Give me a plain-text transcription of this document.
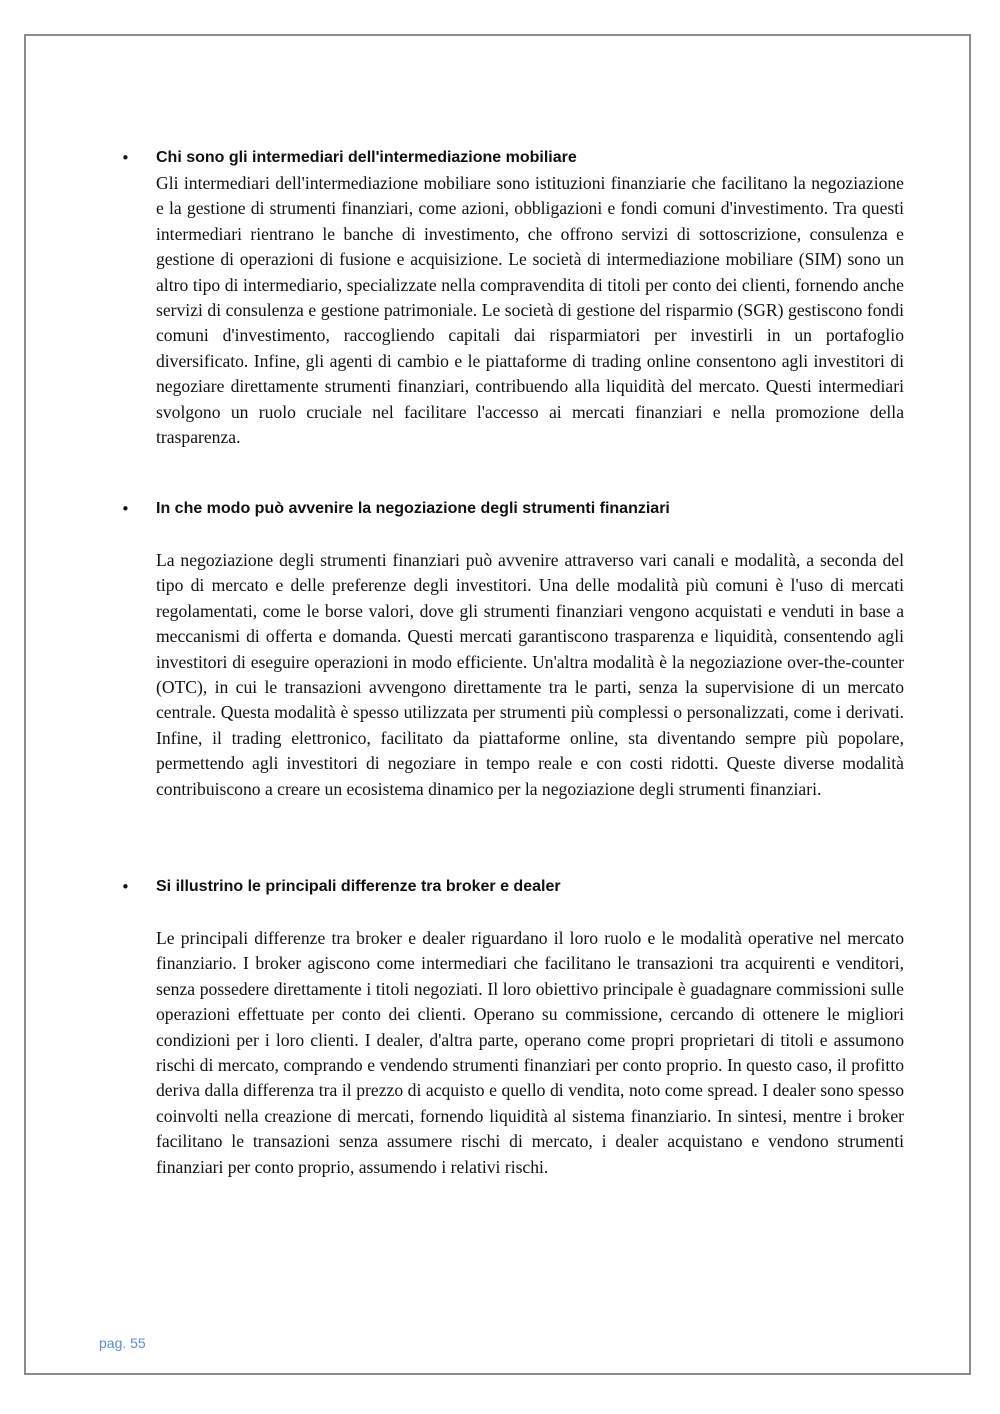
• Chi sono gli intermediari dell'intermediazione mobiliare

Gli intermediari dell'intermediazione mobiliare sono istituzioni finanziarie che facilitano la negoziazione e la gestione di strumenti finanziari, come azioni, obbligazioni e fondi comuni d'investimento. Tra questi intermediari rientrano le banche di investimento, che offrono servizi di sottoscrizione, consulenza e gestione di operazioni di fusione e acquisizione. Le società di intermediazione mobiliare (SIM) sono un altro tipo di intermediario, specializzate nella compravendita di titoli per conto dei clienti, fornendo anche servizi di consulenza e gestione patrimoniale. Le società di gestione del risparmio (SGR) gestiscono fondi comuni d'investimento, raccogliendo capitali dai risparmiatori per investirli in un portafoglio diversificato. Infine, gli agenti di cambio e le piattaforme di trading online consentono agli investitori di negoziare direttamente strumenti finanziari, contribuendo alla liquidità del mercato. Questi intermediari svolgono un ruolo cruciale nel facilitare l'accesso ai mercati finanziari e nella promozione della trasparenza.

• In che modo può avvenire la negoziazione degli strumenti finanziari

La negoziazione degli strumenti finanziari può avvenire attraverso vari canali e modalità, a seconda del tipo di mercato e delle preferenze degli investitori. Una delle modalità più comuni è l'uso di mercati regolamentati, come le borse valori, dove gli strumenti finanziari vengono acquistati e venduti in base a meccanismi di offerta e domanda. Questi mercati garantiscono trasparenza e liquidità, consentendo agli investitori di eseguire operazioni in modo efficiente. Un'altra modalità è la negoziazione over-the-counter (OTC), in cui le transazioni avvengono direttamente tra le parti, senza la supervisione di un mercato centrale. Questa modalità è spesso utilizzata per strumenti più complessi o personalizzati, come i derivati. Infine, il trading elettronico, facilitato da piattaforme online, sta diventando sempre più popolare, permettendo agli investitori di negoziare in tempo reale e con costi ridotti. Queste diverse modalità contribuiscono a creare un ecosistema dinamico per la negoziazione degli strumenti finanziari.

• Si illustrino le principali differenze tra broker e dealer

Le principali differenze tra broker e dealer riguardano il loro ruolo e le modalità operative nel mercato finanziario. I broker agiscono come intermediari che facilitano le transazioni tra acquirenti e venditori, senza possedere direttamente i titoli negoziati. Il loro obiettivo principale è guadagnare commissioni sulle operazioni effettuate per conto dei clienti. Operano su commissione, cercando di ottenere le migliori condizioni per i loro clienti. I dealer, d'altra parte, operano come propri proprietari di titoli e assumono rischi di mercato, comprando e vendendo strumenti finanziari per conto proprio. In questo caso, il profitto deriva dalla differenza tra il prezzo di acquisto e quello di vendita, noto come spread. I dealer sono spesso coinvolti nella creazione di mercati, fornendo liquidità al sistema finanziario. In sintesi, mentre i broker facilitano le transazioni senza assumere rischi di mercato, i dealer acquistano e vendono strumenti finanziari per conto proprio, assumendo i relativi rischi.

pag. 55
